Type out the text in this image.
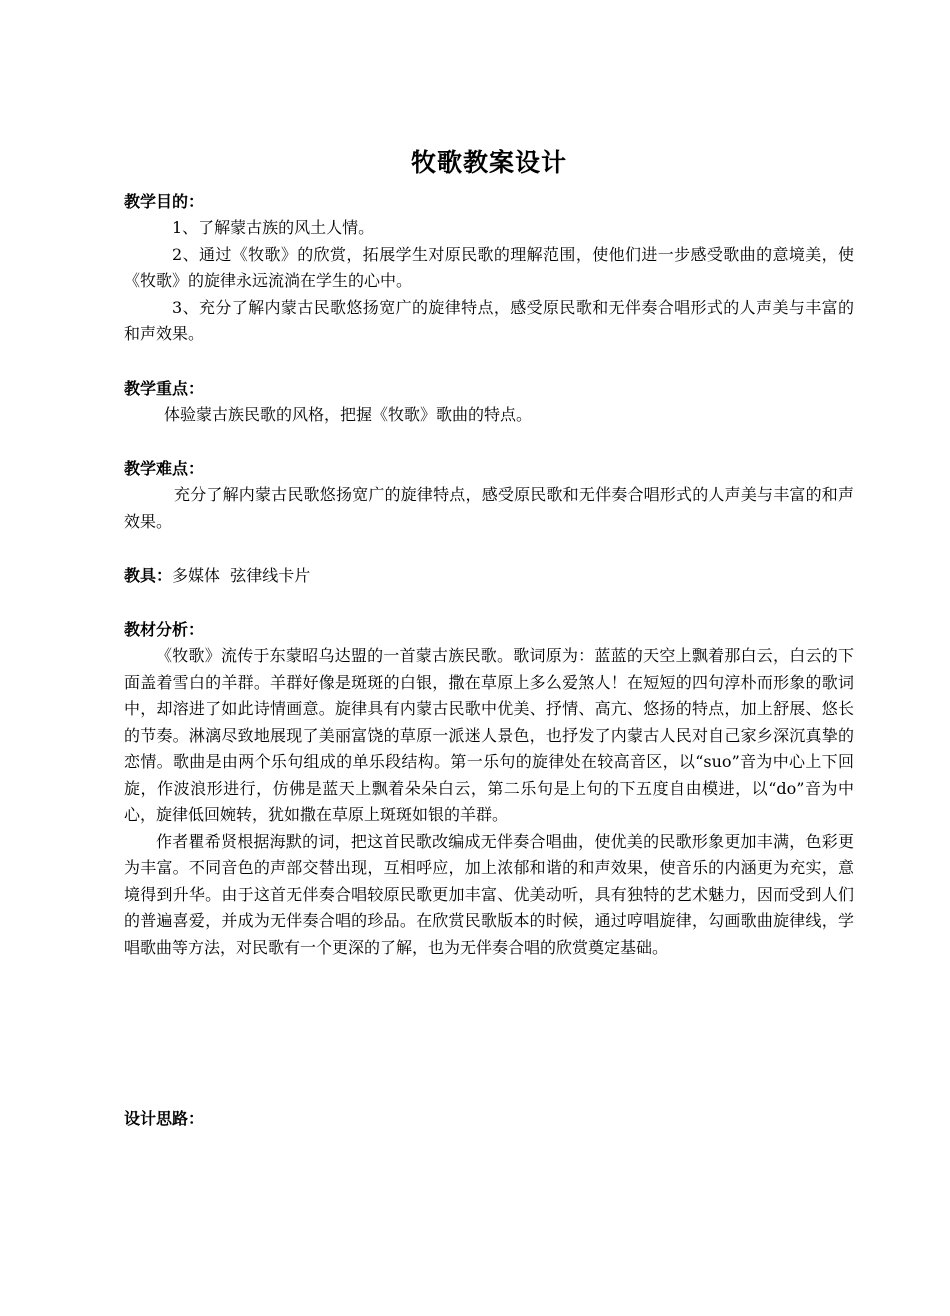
牧歌教案设计
教学目的：

1、了解蒙古族的风土人情。

2、通过《牧歌》的欣赏，拓展学生对原民歌的理解范围，使他们进一步感受歌曲的意境美，使《牧歌》的旋律永远流淌在学生的心中。

3、充分了解内蒙古民歌悠扬宽广的旋律特点，感受原民歌和无伴奏合唱形式的人声美与丰富的和声效果。

教学重点：

体验蒙古族民歌的风格，把握《牧歌》歌曲的特点。

教学难点：

充分了解内蒙古民歌悠扬宽广的旋律特点，感受原民歌和无伴奏合唱形式的人声美与丰富的和声效果。

教具：多媒体  弦律线卡片
教材分析：

《牧歌》流传于东蒙昭乌达盟的一首蒙古族民歌。歌词原为：蓝蓝的天空上飘着那白云，白云的下面盖着雪白的羊群。羊群好像是斑斑的白银，撒在草原上多么爱煞人！在短短的四句淳朴而形象的歌词中，却溶进了如此诗情画意。旋律具有内蒙古民歌中优美、抒情、高亢、悠扬的特点，加上舒展、悠长的节奏。淋漓尽致地展现了美丽富饶的草原一派迷人景色，也抒发了内蒙古人民对自己家乡深沉真挚的恋情。歌曲是由两个乐句组成的单乐段结构。第一乐句的旋律处在较高音区，以“suo”音为中心上下回旋，作波浪形进行，仿佛是蓝天上飘着朵朵白云，第二乐句是上句的下五度自由模进，以“do”音为中心，旋律低回婉转，犹如撒在草原上斑斑如银的羊群。

作者瞿希贤根据海默的词，把这首民歌改编成无伴奏合唱曲，使优美的民歌形象更加丰满，色彩更为丰富。不同音色的声部交替出现，互相呼应，加上浓郁和谐的和声效果，使音乐的内涵更为充实，意境得到升华。由于这首无伴奏合唱较原民歌更加丰富、优美动听，具有独特的艺术魅力，因而受到人们的普遍喜爱，并成为无伴奏合唱的珍品。在欣赏民歌版本的时候，通过哼唱旋律，勾画歌曲旋律线，学唱歌曲等方法，对民歌有一个更深的了解，也为无伴奏合唱的欣赏奠定基础。

设计思路：
